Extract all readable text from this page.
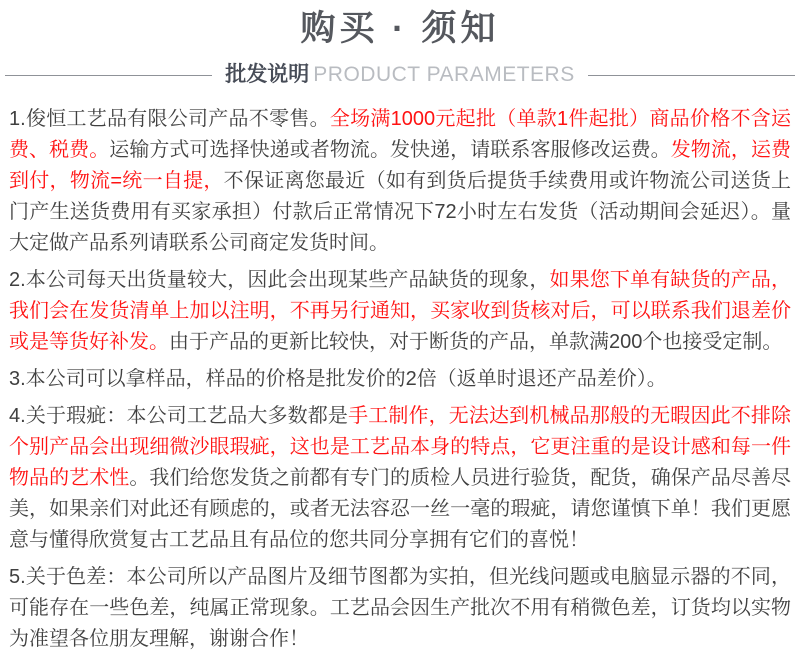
购买 · 须知
批发说明 PRODUCT PARAMETERS

1.俊恒工艺品有限公司产品不零售。全场满1000元起批（单款1件起批）商品价格不含运费、税费。运输方式可选择快递或者物流。发快递，请联系客服修改运费。发物流，运费到付，物流=统一自提，不保证离您最近（如有到货后提货手续费用或许物流公司送货上门产生送货费用有买家承担）付款后正常情况下72小时左右发货（活动期间会延迟）。量大定做产品系列请联系公司商定发货时间。

2.本公司每天出货量较大，因此会出现某些产品缺货的现象，如果您下单有缺货的产品，我们会在发货清单上加以注明，不再另行通知，买家收到货核对后，可以联系我们退差价或是等货好补发。由于产品的更新比较快，对于断货的产品，单款满200个也接受定制。

3.本公司可以拿样品，样品的价格是批发价的2倍（返单时退还产品差价）。

4.关于瑕疵：本公司工艺品大多数都是手工制作，无法达到机械品那般的无暇因此不排除个别产品会出现细微沙眼瑕疵，这也是工艺品本身的特点，它更注重的是设计感和每一件物品的艺术性。我们给您发货之前都有专门的质检人员进行验货，配货，确保产品尽善尽美，如果亲们对此还有顾虑的，或者无法容忍一丝一毫的瑕疵，请您谨慎下单！我们更愿意与懂得欣赏复古工艺品且有品位的您共同分享拥有它们的喜悦！

5.关于色差：本公司所以产品图片及细节图都为实拍，但光线问题或电脑显示器的不同，可能存在一些色差，纯属正常现象。工艺品会因生产批次不用有稍微色差，订货均以实物为准望各位朋友理解，谢谢合作！
